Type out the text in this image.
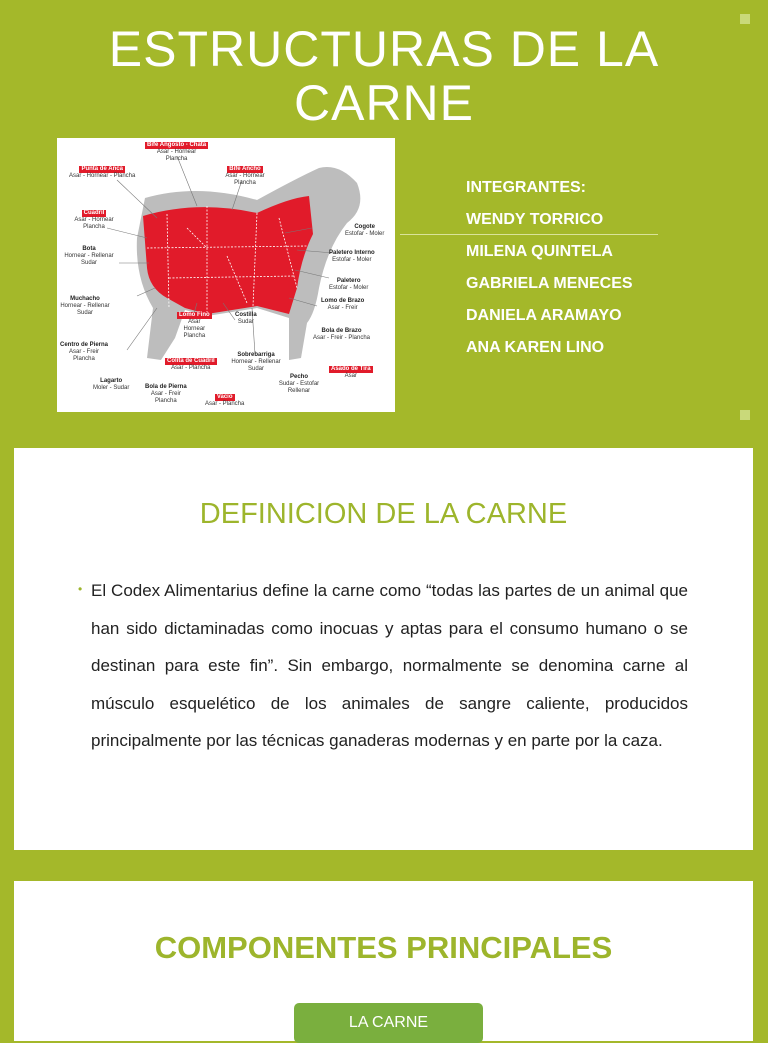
ESTRUCTURAS DE LA
CARNE
Bife Angosto - Chata
Asar - Hornear Plancha
Bife Ancho
Asar - Hornear Plancha
Punta de Anca
Asar - Hornear - Plancha
Cuadril
Asar - Hornear Plancha
Bota
Hornear - Rellenar Sudar
Muchacho
Hornear - Rellenar Sudar
Centro de Pierna
Asar - Freir Plancha
Lagarto
Moler - Sudar	Bola de Pierna
Asar - Freir Plancha
Colita de Cuadril
Asar - Plancha
Lomo Fino
Asar Hornear Plancha
Costilla
Sudar
Sobrebarriga
Hornear - Rellenar Sudar
Vacio
Asar - Plancha
Pecho
Sudar - Estofar Rellenar
Asado de Tira
Asar
Bola de Brazo
Asar - Freir - Plancha
Lomo de Brazo
Asar - Freir
Paletero
Estofar - Moler
Paletero Interno
Estofar - Moler
Cogote
Estofar - Moler
INTEGRANTES:
WENDY TORRICO
MILENA QUINTELA
GABRIELA MENECES
DANIELA ARAMAYO
ANA KAREN LINO
DEFINICION DE LA CARNE
• El Codex Alimentarius define la carne como “todas las partes de un animal que han sido dictaminadas como inocuas y aptas para el consumo humano o se destinan para este fin”. Sin embargo, normalmente se denomina carne al músculo esquelético de los animales de sangre caliente, producidos principalmente por las técnicas ganaderas modernas y en parte por la caza.
COMPONENTES PRINCIPALES
LA CARNE
